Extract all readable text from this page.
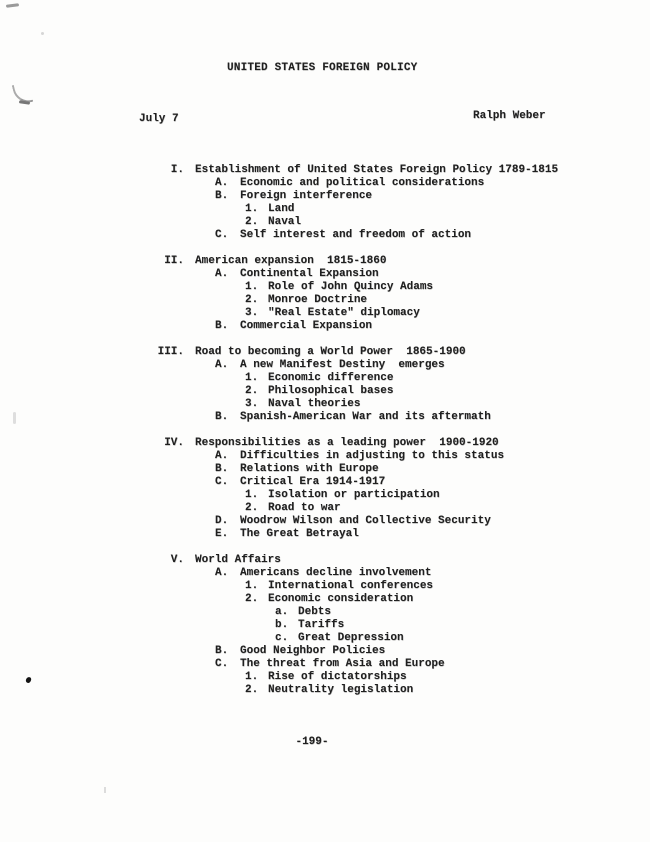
UNITED STATES FOREIGN POLICY
July 7	Ralph Weber
I. Establishment of United States Foreign Policy 1789-1815
A. Economic and political considerations
B. Foreign interference
1. Land
2. Naval
C. Self interest and freedom of action
II. American expansion  1815-1860
A. Continental Expansion
1. Role of John Quincy Adams
2. Monroe Doctrine
3. "Real Estate" diplomacy
B. Commercial Expansion
III. Road to becoming a World Power  1865-1900
A. A new Manifest Destiny  emerges
1. Economic difference
2. Philosophical bases
3. Naval theories
B. Spanish-American War and its aftermath
IV. Responsibilities as a leading power  1900-1920
A. Difficulties in adjusting to this status
B. Relations with Europe
C. Critical Era 1914-1917
1. Isolation or participation
2. Road to war
D. Woodrow Wilson and Collective Security
E. The Great Betrayal
V. World Affairs
A. Americans decline involvement
1. International conferences
2. Economic consideration
a. Debts
b. Tariffs
c. Great Depression
B. Good Neighbor Policies
C. The threat from Asia and Europe
1. Rise of dictatorships
2. Neutrality legislation
-199-
